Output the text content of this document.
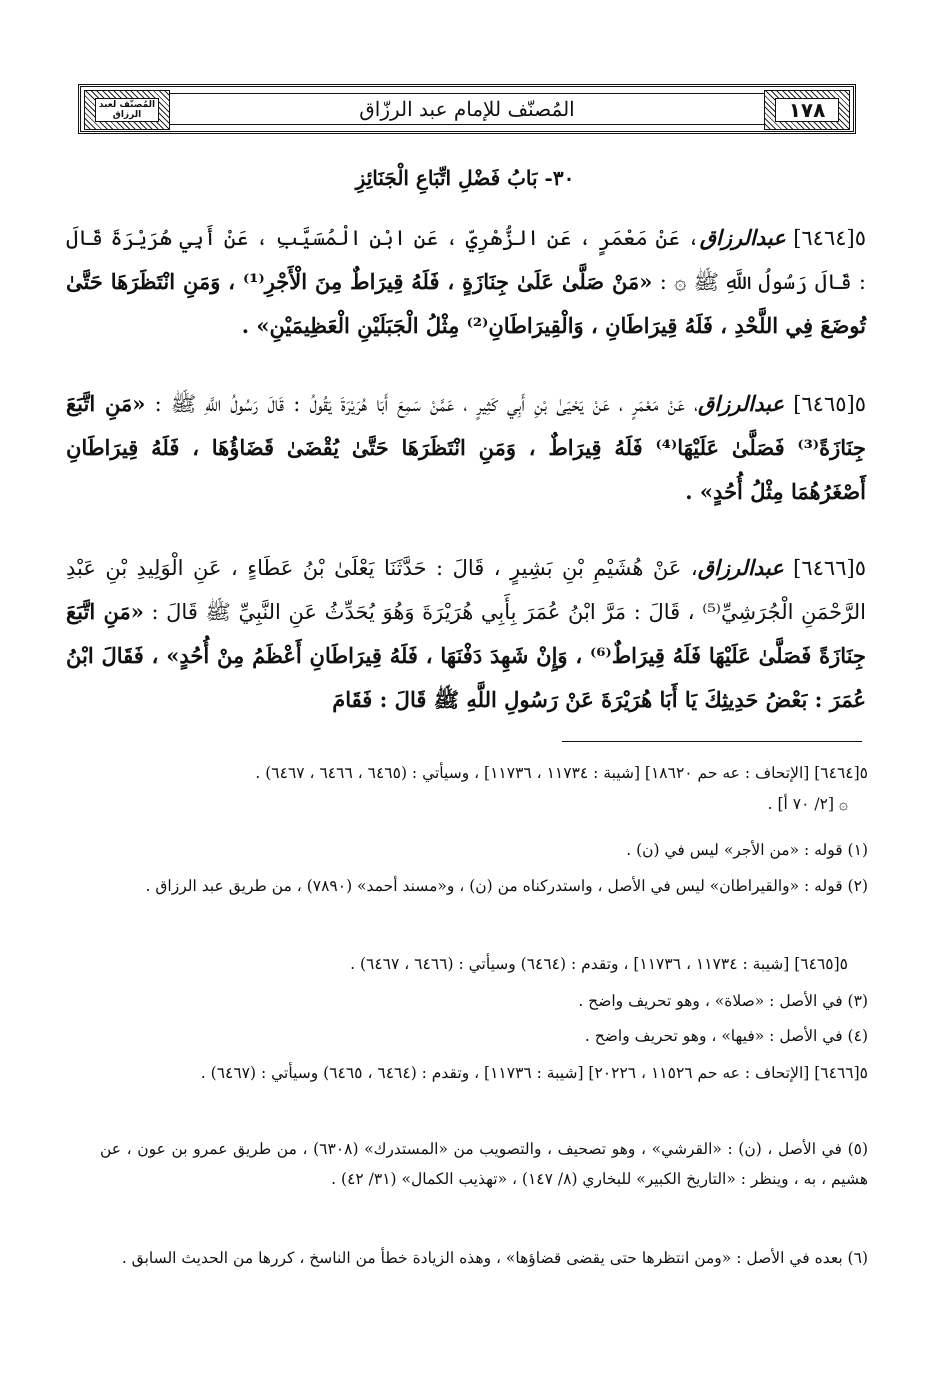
١٧٨
المُصنّف للإمام عبد الرزّاق
المُصنّف لعبد الرزاق
٣٠- بَابُ فَضْلِ اتِّبَاعِ الْجَنَائِزِ
٥[٦٤٦٤] عبدالرزاق، عَنْ مَعْمَرٍ ، عَنِ الزُّهْرِيِّ ، عَنِ ابْنِ الْمُسَيَّبِ ، عَنْ أَبِي هُرَيْرَةَ قَالَ : قَالَ رَسُولُ اللَّهِ ﷺ ۞ : «مَنْ صَلَّىٰ عَلَىٰ جِنَازَةٍ ، فَلَهُ قِيرَاطٌ مِنَ الْأَجْرِ⁽¹⁾ ، وَمَنِ انْتَظَرَهَا حَتَّىٰ تُوضَعَ فِي اللَّحْدِ ، فَلَهُ قِيرَاطَانِ ، وَالْقِيرَاطَانِ⁽²⁾ مِثْلُ الْجَبَلَيْنِ الْعَظِيمَيْنِ» .
٥[٦٤٦٥] عبدالرزاق، عَنْ مَعْمَرٍ ، عَنْ يَحْيَىٰ بْنِ أَبِي كَثِيرٍ ، عَمَّنْ سَمِعَ أَبَا هُرَيْرَةَ يَقُولُ : قَالَ رَسُولُ اللَّهِ ﷺ : «مَنِ اتَّبَعَ جِنَازَةً⁽³⁾ فَصَلَّىٰ عَلَيْهَا⁽⁴⁾ فَلَهُ قِيرَاطٌ ، وَمَنِ انْتَظَرَهَا حَتَّىٰ يُقْضَىٰ قَضَاؤُهَا ، فَلَهُ قِيرَاطَانِ أَصْغَرُهُمَا مِثْلُ أُحُدٍ» .
٥[٦٤٦٦] عبدالرزاق، عَنْ هُشَيْمِ بْنِ بَشِيرٍ ، قَالَ : حَدَّثَنَا يَعْلَىٰ بْنُ عَطَاءٍ ، عَنِ الْوَلِيدِ بْنِ عَبْدِ الرَّحْمَنِ الْجُرَشِيِّ⁽⁵⁾ ، قَالَ : مَرَّ ابْنُ عُمَرَ بِأَبِي هُرَيْرَةَ وَهُوَ يُحَدِّثُ عَنِ النَّبِيِّ ﷺ قَالَ : «مَنِ اتَّبَعَ جِنَازَةً فَصَلَّىٰ عَلَيْهَا فَلَهُ قِيرَاطٌ⁽⁶⁾ ، وَإِنْ شَهِدَ دَفْنَهَا ، فَلَهُ قِيرَاطَانِ أَعْظَمُ مِنْ أُحُدٍ» ، فَقَالَ ابْنُ عُمَرَ : بَعْضُ حَدِيثِكَ يَا أَبَا هُرَيْرَةَ عَنْ رَسُولِ اللَّهِ ﷺ قَالَ : فَقَامَ
٥[٦٤٦٤] [الإتحاف : عه حم ١٨٦٢٠] [شيبة : ١١٧٣٤ ، ١١٧٣٦] ، وسيأتي : (٦٤٦٥ ، ٦٤٦٦ ، ٦٤٦٧) .
۞ [٢/ ٧٠ أ] .
(١) قوله : «من الأجر» ليس في (ن) .
(٢) قوله : «والقيراطان» ليس في الأصل ، واستدركناه من (ن) ، و«مسند أحمد» (٧٨٩٠) ، من طريق عبد الرزاق .
٥[٦٤٦٥] [شيبة : ١١٧٣٤ ، ١١٧٣٦] ، وتقدم : (٦٤٦٤) وسيأتي : (٦٤٦٦ ، ٦٤٦٧) .
(٣) في الأصل : «صلاة» ، وهو تحريف واضح .
(٤) في الأصل : «فيها» ، وهو تحريف واضح .
٥[٦٤٦٦] [الإتحاف : عه حم ١١٥٢٦ ، ٢٠٢٢٦] [شيبة : ١١٧٣٦] ، وتقدم : (٦٤٦٤ ، ٦٤٦٥) وسيأتي : (٦٤٦٧) .
(٥) في الأصل ، (ن) : «القرشي» ، وهو تصحيف ، والتصويب من «المستدرك» (٦٣٠٨) ، من طريق عمرو بن عون ، عن هشيم ، به ، وينظر : «التاريخ الكبير» للبخاري (٨/ ١٤٧) ، «تهذيب الكمال» (٣١/ ٤٢) .
(٦) بعده في الأصل : «ومن انتظرها حتى يقضى قضاؤها» ، وهذه الزيادة خطأ من الناسخ ، كررها من الحديث السابق .
